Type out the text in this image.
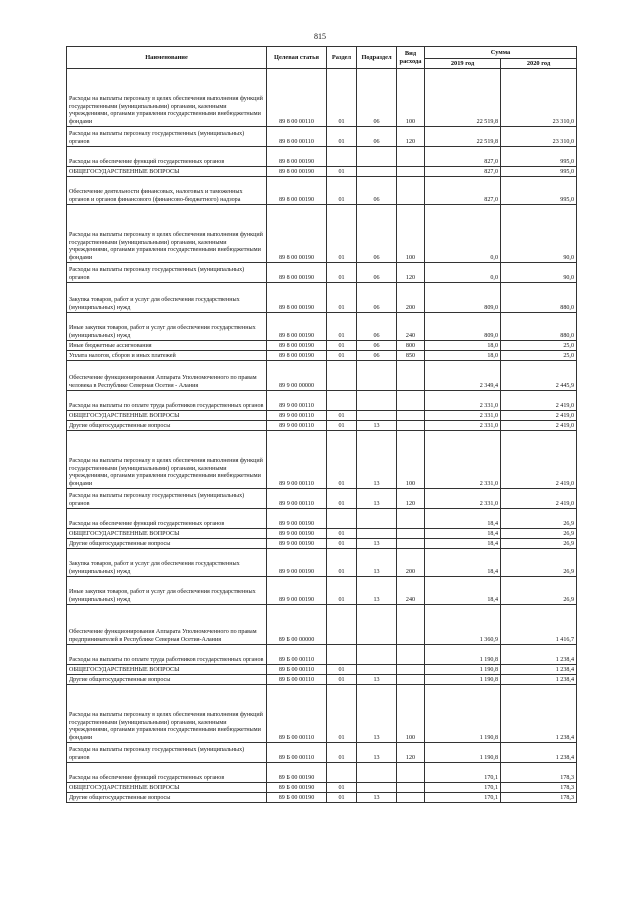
815
Наименование	Целевая статья	Раздел	Подраздел	Вид расхода	Сумма	
					2019 год	2020 год
Расходы на выплаты персоналу в целях обеспечения выполнения функций государственными (муниципальными) органами, казенными учреждениями, органами управления государственными внебюджетными фондами	89 8 00 00110	01	06	100	22 519,8	23 310,0
Расходы на выплаты персоналу государственных (муниципальных) органов	89 8 00 00110	01	06	120	22 519,8	23 310,0
Расходы на обеспечение функций государственных органов	89 8 00 00190				827,0	995,0
ОБЩЕГОСУДАРСТВЕННЫЕ ВОПРОСЫ	89 8 00 00190	01			827,0	995,0
Обеспечение деятельности финансовых, налоговых и таможенных органов и органов финансового (финансово-бюджетного) надзора	89 8 00 00190	01	06		827,0	995,0
Расходы на выплаты персоналу в целях обеспечения выполнения функций государственными (муниципальными) органами, казенными учреждениями, органами управления государственными внебюджетными фондами	89 8 00 00190	01	06	100	0,0	90,0
Расходы на выплаты персоналу государственных (муниципальных) органов	89 8 00 00190	01	06	120	0,0	90,0
Закупка товаров, работ и услуг для обеспечения государственных (муниципальных) нужд	89 8 00 00190	01	06	200	809,0	880,0
Иные закупки товаров, работ и услуг для обеспечения государственных (муниципальных) нужд	89 8 00 00190	01	06	240	809,0	880,0
Иные бюджетные ассигнования	89 8 00 00190	01	06	800	18,0	25,0
Уплата налогов, сборов и иных платежей	89 8 00 00190	01	06	850	18,0	25,0
Обеспечение функционирования Аппарата Уполномоченного по правам человека в Республике Северная Осетия - Алания	89 9 00 00000				2 349,4	2 445,9
Расходы на выплаты по оплате труда работников государственных органов	89 9 00 00110				2 331,0	2 419,0
ОБЩЕГОСУДАРСТВЕННЫЕ ВОПРОСЫ	89 9 00 00110	01			2 331,0	2 419,0
Другие общегосударственные вопросы	89 9 00 00110	01	13		2 331,0	2 419,0
Расходы на выплаты персоналу в целях обеспечения выполнения функций государственными (муниципальными) органами, казенными учреждениями, органами управления государственными внебюджетными фондами	89 9 00 00110	01	13	100	2 331,0	2 419,0
Расходы на выплаты персоналу государственных (муниципальных) органов	89 9 00 00110	01	13	120	2 331,0	2 419,0
Расходы на обеспечение функций государственных органов	89 9 00 00190				18,4	26,9
ОБЩЕГОСУДАРСТВЕННЫЕ ВОПРОСЫ	89 9 00 00190	01			18,4	26,9
Другие общегосударственные вопросы	89 9 00 00190	01	13		18,4	26,9
Закупка товаров, работ и услуг для обеспечения государственных (муниципальных) нужд	89 9 00 00190	01	13	200	18,4	26,9
Иные закупки товаров, работ и услуг для обеспечения государственных (муниципальных) нужд	89 9 00 00190	01	13	240	18,4	26,9
Обеспечение функционирования Аппарата Уполномоченного по правам предпринимателей в Республике Северная Осетия-Алания	89 Б 00 00000				1 360,9	1 416,7
Расходы на выплаты по оплате труда работников государственных органов	89 Б 00 00110				1 190,8	1 238,4
ОБЩЕГОСУДАРСТВЕННЫЕ ВОПРОСЫ	89 Б 00 00110	01			1 190,8	1 238,4
Другие общегосударственные вопросы	89 Б 00 00110	01	13		1 190,8	1 238,4
Расходы на выплаты персоналу в целях обеспечения выполнения функций государственными (муниципальными) органами, казенными учреждениями, органами управления государственными внебюджетными фондами	89 Б 00 00110	01	13	100	1 190,8	1 238,4
Расходы на выплаты персоналу государственных (муниципальных) органов	89 Б 00 00110	01	13	120	1 190,8	1 238,4
Расходы на обеспечение функций государственных органов	89 Б 00 00190				170,1	178,3
ОБЩЕГОСУДАРСТВЕННЫЕ ВОПРОСЫ	89 Б 00 00190	01			170,1	178,3
Другие общегосударственные вопросы	89 Б 00 00190	01	13		170,1	178,3
